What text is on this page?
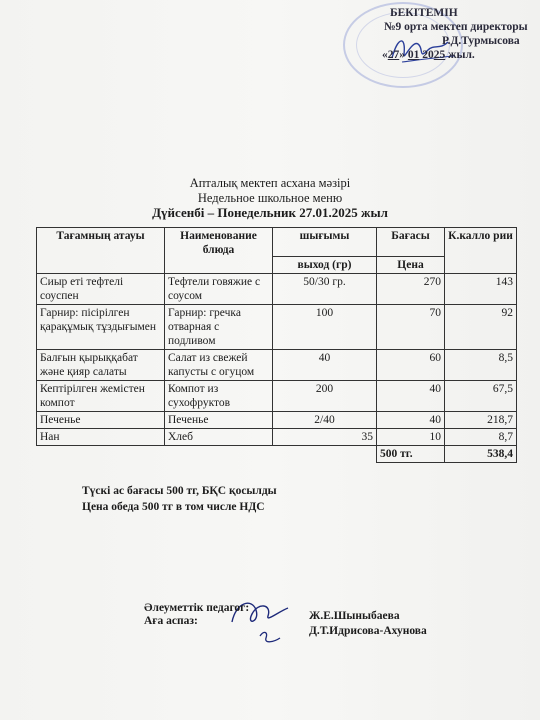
БЕКІТЕМІН
№9 орта мектеп директоры
Р.Д.Турмысова
«27» 01 2025 жыл.
Апталық мектеп асхана мәзірі
Недельное школьное меню
Дүйсенбі – Понедельник 27.01.2025 жыл
Тағамның атауы	Наименование блюда	шығымы	Бағасы	К.калло рии
		выход (гр)	Цена	
Сиыр еті тефтелі соуспен	Тефтели говяжие с соусом	50/30 гр.	270	143
Гарнир: пісірілген қарақұмық тұздығымен	Гарнир: гречка отварная с подливом	100	70	92
Балғын қырыққабат және қияр салаты	Салат из свежей капусты с огуцом	40	60	8,5
Кептірілген жемістен компот	Компот из сухофруктов	200	40	67,5
Печенье	Печенье	2/40	40	218,7
Нан	Хлеб	35	10	8,7
			500 тг.	538,4
Түскі ас бағасы 500 тг, БҚС қосылды
Цена обеда 500 тг в том числе НДС
Әлеуметтік педагог:
Аға аспаз:	Ж.Е.Шыныбаева
Д.Т.Идрисова-Ахунова
